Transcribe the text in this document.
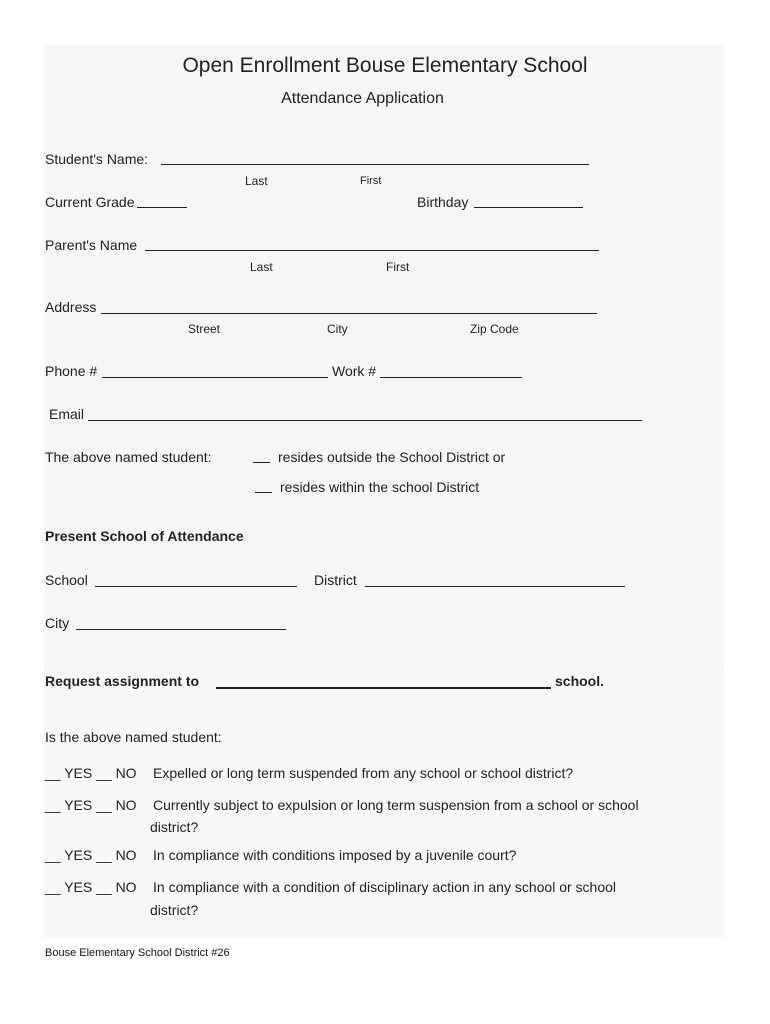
Open Enrollment Bouse Elementary School
Attendance Application
Student's Name:
Last	First
Current Grade	Birthday
Parent's Name
Last	First
Address
Street	City	Zip Code
Phone #	Work #
Email
The above named student:	resides outside the School District or
resides within the school District
Present School of Attendance
School	District
City
Request assignment to	school.
Is the above named student:
__ YES __ NO Expelled or long term suspended from any school or school district?
__ YES __ NO Currently subject to expulsion or long term suspension from a school or school
district?
__ YES __ NO In compliance with conditions imposed by a juvenile court?
__ YES __ NO In compliance with a condition of disciplinary action in any school or school
district?
Bouse Elementary School District #26
